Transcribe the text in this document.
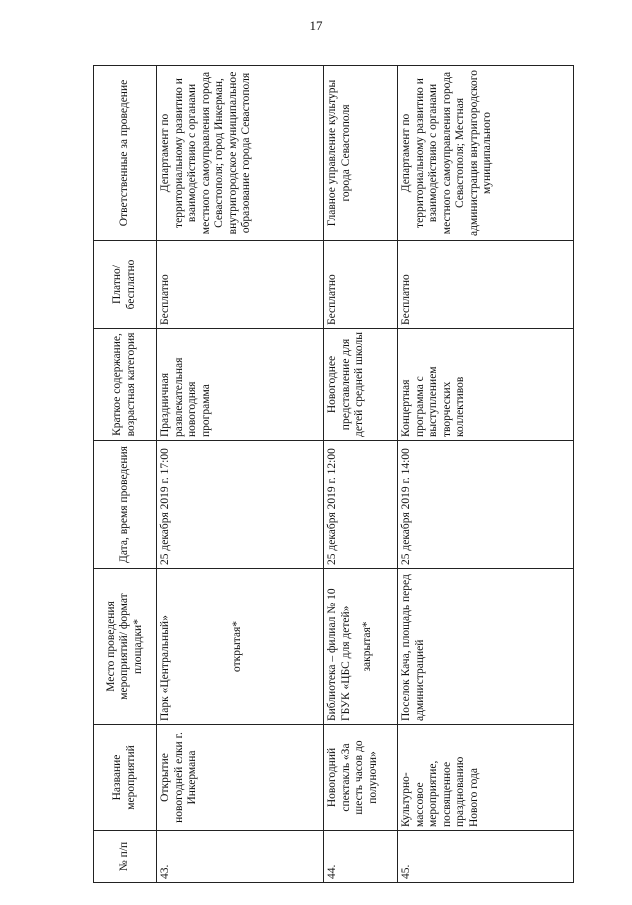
17
№ п/п	Название мероприятий	Место проведения мероприятий/ формат площадки*	Дата, время проведения	Краткое содержание, возрастная категория	Платно/ бесплатно	Ответственные за проведение
43.	Открытие новогодней елки г. Инкермана	Парк «Центральный» открытая*	25 декабря 2019 г. 17:00	Праздничная развлекательная новогодняя программа	Бесплатно	Департамент по территориальному развитию и взаимодействию с органами местного самоуправления города Севастополя; город Инкерман, внутригородское муниципальное образование города Севастополя
44.	Новогодний спектакль «За шесть часов до полуночи»	Библиотека – филиал № 10 ГБУК «ЦБС для детей» закрытая*	25 декабря 2019 г. 12:00	Новогоднее представление для детей средней школы	Бесплатно	Главное управление культуры города Севастополя
45.	Культурно-массовое мероприятие, посвященное празднованию Нового года	Поселок Кача, площадь перед администрацией	25 декабря 2019 г. 14:00	Концертная программа с выступлением творческих коллективов	Бесплатно	Департамент по территориальному развитию и взаимодействию с органами местного самоуправления города Севастополя; Местная администрация внутригородского муниципального
